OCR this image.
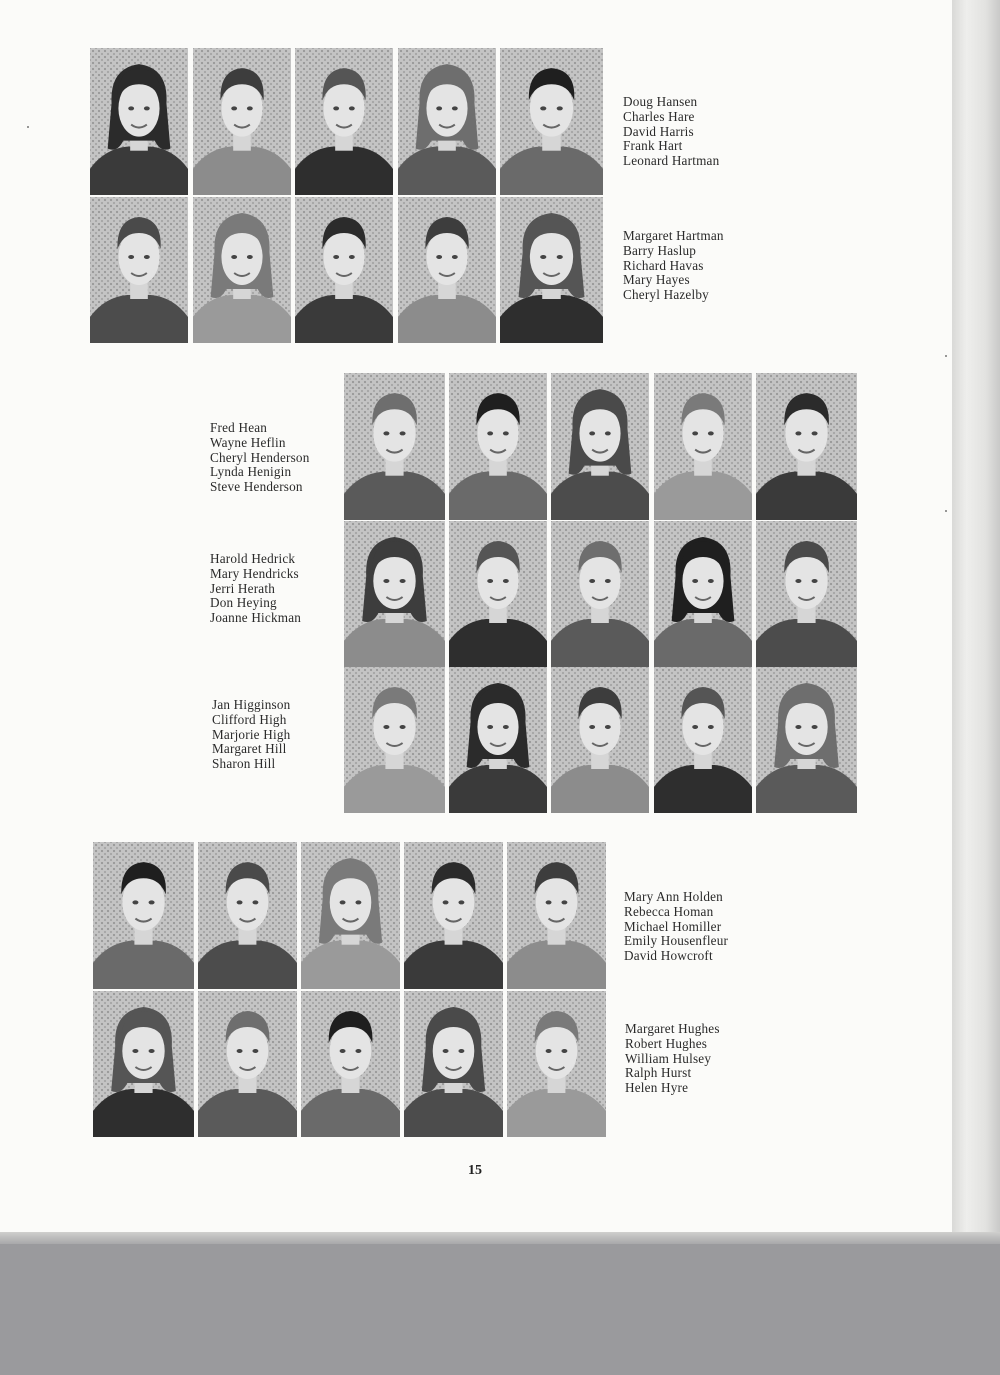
Doug Hansen
Charles Hare
David Harris
Frank Hart
Leonard Hartman
Margaret Hartman
Barry Haslup
Richard Havas
Mary Hayes
Cheryl Hazelby
Fred Hean
Wayne Heflin
Cheryl Henderson
Lynda Henigin
Steve Henderson
Harold Hedrick
Mary Hendricks
Jerri Herath
Don Heying
Joanne Hickman
Jan Higginson
Clifford High
Marjorie High
Margaret Hill
Sharon Hill
Mary Ann Holden
Rebecca Homan
Michael Homiller
Emily Housenfleur
David Howcroft
Margaret Hughes
Robert Hughes
William Hulsey
Ralph Hurst
Helen Hyre
15
